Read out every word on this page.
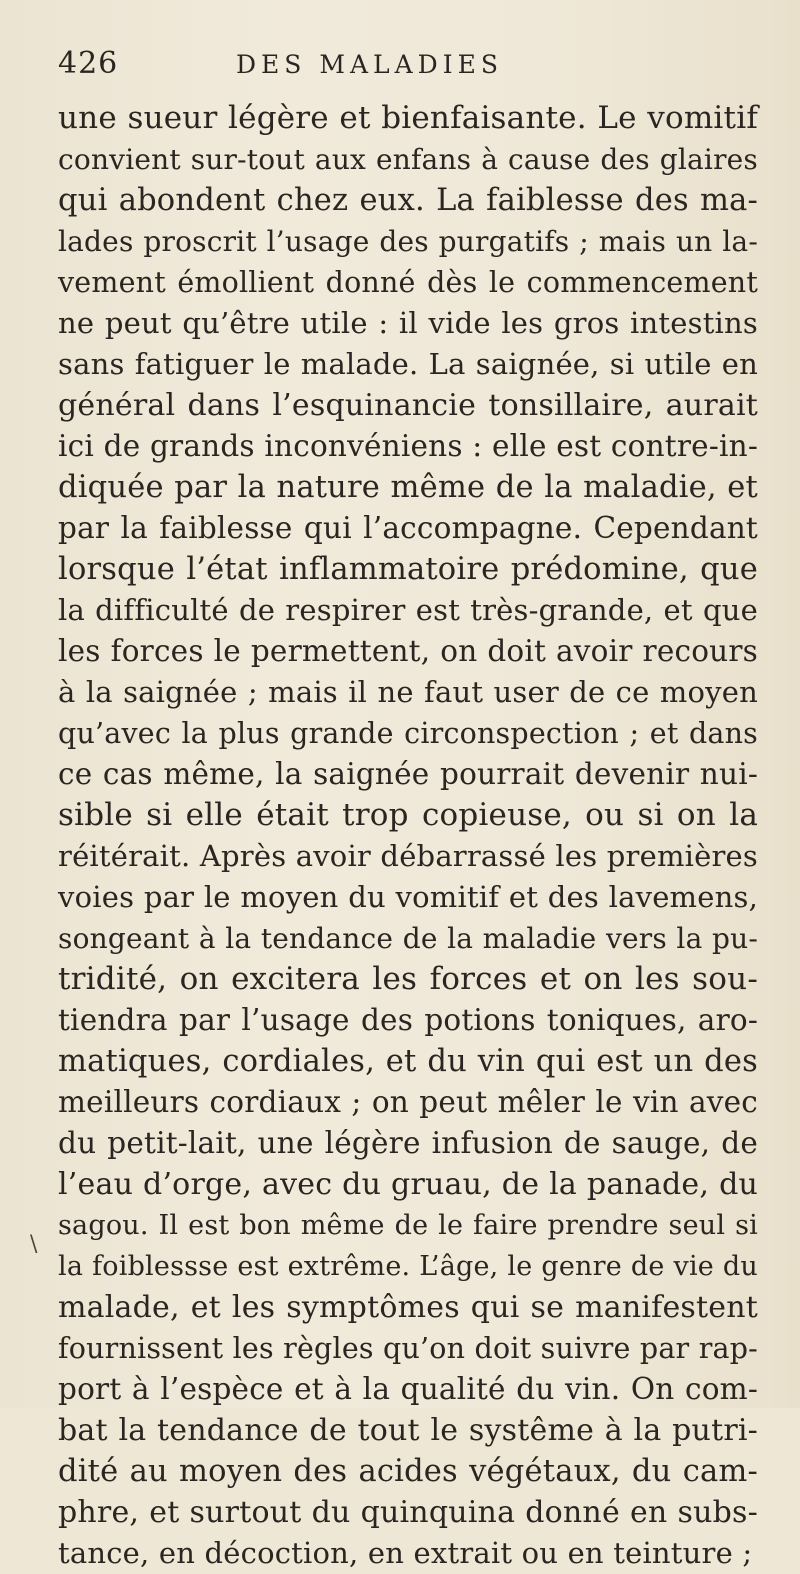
426	DES MALADIES
une sueur légère et bienfaisante. Le vomitif
convient sur-tout aux enfans à cause des glaires
qui abondent chez eux. La faiblesse des ma-
lades proscrit l’usage des purgatifs ; mais un la-
vement émollient donné dès le commencement
ne peut qu’être utile : il vide les gros intestins
sans fatiguer le malade. La saignée, si utile en
général dans l’esquinancie tonsillaire, aurait
ici de grands inconvéniens : elle est contre-in-
diquée par la nature même de la maladie, et
par la faiblesse qui l’accompagne. Cependant
lorsque l’état inflammatoire prédomine, que
la difficulté de respirer est très-grande, et que
les forces le permettent, on doit avoir recours
à la saignée ; mais il ne faut user de ce moyen
qu’avec la plus grande circonspection ; et dans
ce cas même, la saignée pourrait devenir nui-
sible si elle était trop copieuse, ou si on la
réitérait. Après avoir débarrassé les premières
voies par le moyen du vomitif et des lavemens,
songeant à la tendance de la maladie vers la pu-
tridité, on excitera les forces et on les sou-
tiendra par l’usage des potions toniques, aro-
matiques, cordiales, et du vin qui est un des
meilleurs cordiaux ; on peut mêler le vin avec
du petit-lait, une légère infusion de sauge, de
l’eau d’orge, avec du gruau, de la panade, du
sagou. Il est bon même de le faire prendre seul si
la foiblessse est extrême. L’âge, le genre de vie du
malade, et les symptômes qui se manifestent
fournissent les règles qu’on doit suivre par rap-
port à l’espèce et à la qualité du vin. On com-
bat la tendance de tout le systême à la putri-
dité au moyen des acides végétaux, du cam-
phre, et surtout du quinquina donné en subs-
tance, en décoction, en extrait ou en teinture ;
\
